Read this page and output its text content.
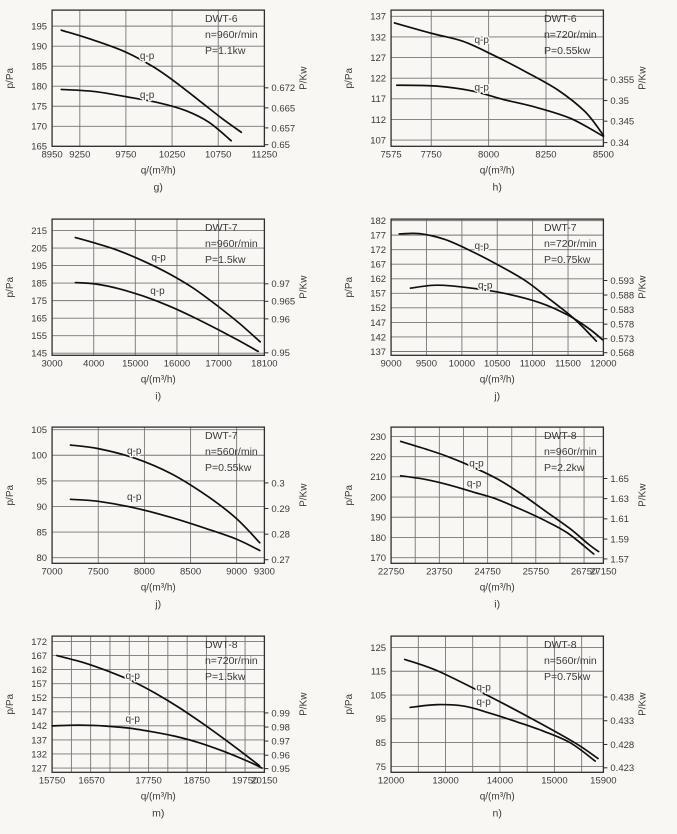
165
170
175
180
185
190
195
8950 9250	9750 10250 10750 11250
0.672
0.665
0.657
0.65
p/Pa	P/Kw
q/(m³/h)
g)
DWT-6
n=960r/min
P=1.1kw
q-p
q-p
107
112
117
122
127
132
137
7575 7750	8000	8250	8500
0.355
0.35
0.345
0.34
p/Pa	P/Kw
q/(m³/h)
h)
DWT-6
n=720r/min
P=0.55kw
q-p
q-p
145
155
165
175
185
195
205
215
3000 4000 15000 16000 17000 18100
0.97
0.965
0.96
0.95
p/Pa	P/Kw
q/(m³/h)
i)
DWT-7
n=960r/min
P=1.5kw
q-p
q-p
137
142
147
152
157
162
167
172
177
182
9000 9500 10000 10500 11000 11500 12000
0.593
0.588
0.583
0.578
0.573
0.568
p/Pa	P/Kw
q/(m³/h)
j)
DWT-7
n=720r/min
P=0.75kw
q-p
q-p
80
85
90
95
100
105
7000	7500	8000	8500	9000 9300
0.3
0.29
0.28
0.27
p/Pa	P/Kw
q/(m³/h)
j)
DWT-7
n=560r/min
P=0.55kw
q-p
q-p
170
180
190
200
210
220
230
22750 23750 24750 25750 26750
27150
1.65
1.63
1.61
1.59
1.57
p/Pa	P/Kw
q/(m³/h)
i)
DWT-8
n=960r/min
P=2.2kw
q-p
q-p
127
132
137
142
147
152
157
162
167
172
15750 16570	17750 18750 19750
20150
0.99
0.98
0.97
0.96
0.95
p/Pa	P/Kw
q/(m³/h)
m)
DWT-8
n=720r/min
P=1.5kw
q-p
q-p
75
85
95
105
115
125
12000	13000	14000	15000 15900
0.438
0.433
0.428
0.423
p/Pa	P/Kw
q/(m³/h)
n)
DWT-8
n=560r/min
P=0.75kw
q-p
q-p
